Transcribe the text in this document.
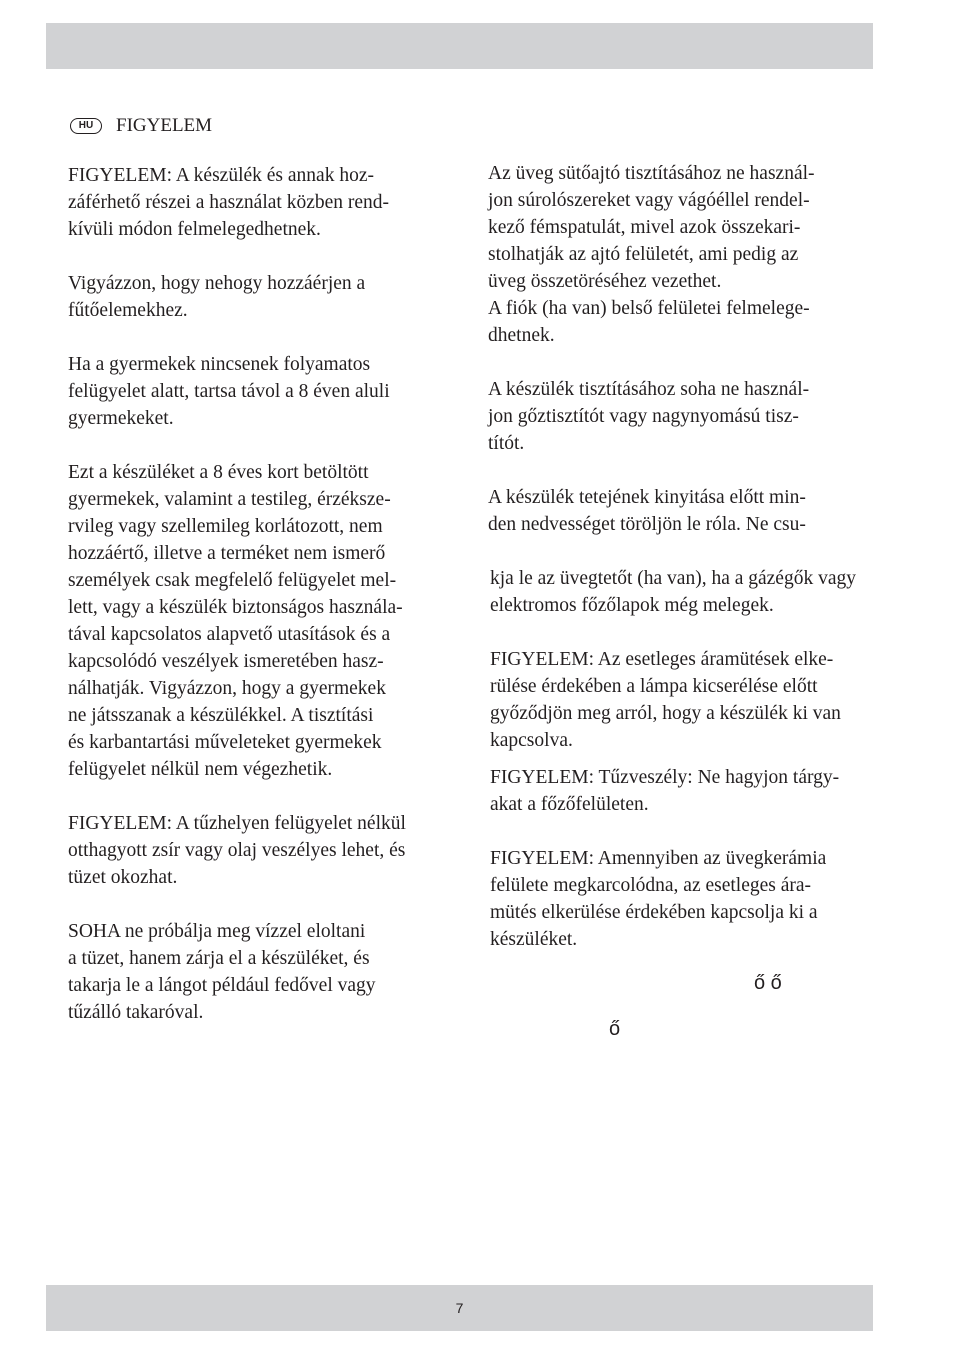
HU	FIGYELEM

FIGYELEM: A készülék és annak hoz-
záférhető részei a használat közben rend-
kívüli módon felmelegedhetnek.

Vigyázzon, hogy nehogy hozzáérjen a
fűtőelemekhez.

Ha a gyermekek nincsenek folyamatos
felügyelet alatt, tartsa távol a 8 éven aluli
gyermekeket.

Ezt a készüléket a 8 éves kort betöltött
gyermekek, valamint a testileg, érzéksze-
rvileg vagy szellemileg korlátozott, nem
hozzáértő, illetve a terméket nem ismerő
személyek csak megfelelő felügyelet mel-
lett, vagy a készülék biztonságos használa-
tával kapcsolatos alapvető utasítások és a
kapcsolódó veszélyek ismeretében hasz-
nálhatják. Vigyázzon, hogy a gyermekek
ne játsszanak a készülékkel. A tisztítási
és karbantartási műveleteket gyermekek
felügyelet nélkül nem végezhetik.

FIGYELEM: A tűzhelyen felügyelet nélkül
otthagyott zsír vagy olaj veszélyes lehet, és
tüzet okozhat.

SOHA ne próbálja meg vízzel eloltani
a tüzet, hanem zárja el a készüléket, és
takarja le a lángot például fedővel vagy
tűzálló takaróval.

Az üveg sütőajtó tisztításához ne használ-
jon súrolószereket vagy vágóéllel rendel-
kező fémspatulát, mivel azok összekari-
stolhatják az ajtó felületét, ami pedig az
üveg összetöréséhez vezethet.
A fiók (ha van) belső felületei felmelege-
dhetnek.

A készülék tisztításához soha ne használ-
jon gőztisztítót vagy nagynyomású tisz-
títót.

A készülék tetejének kinyitása előtt min-
den nedvességet töröljön le róla. Ne csu-

kja le az üvegtetőt (ha van), ha a gázégők vagy
elektromos főzőlapok még melegek.

FIGYELEM: Az esetleges áramütések elke-
rülése érdekében a lámpa kicserélése előtt
győződjön meg arról, hogy a készülék ki van
kapcsolva.

FIGYELEM: Tűzveszély: Ne hagyjon tárgy-
akat a főzőfelületen.

FIGYELEM: Amennyiben az üvegkerámia
felülete megkarcolódna, az esetleges ára-
mütés elkerülése érdekében kapcsolja ki a
készüléket.

ő ő
ő
7
